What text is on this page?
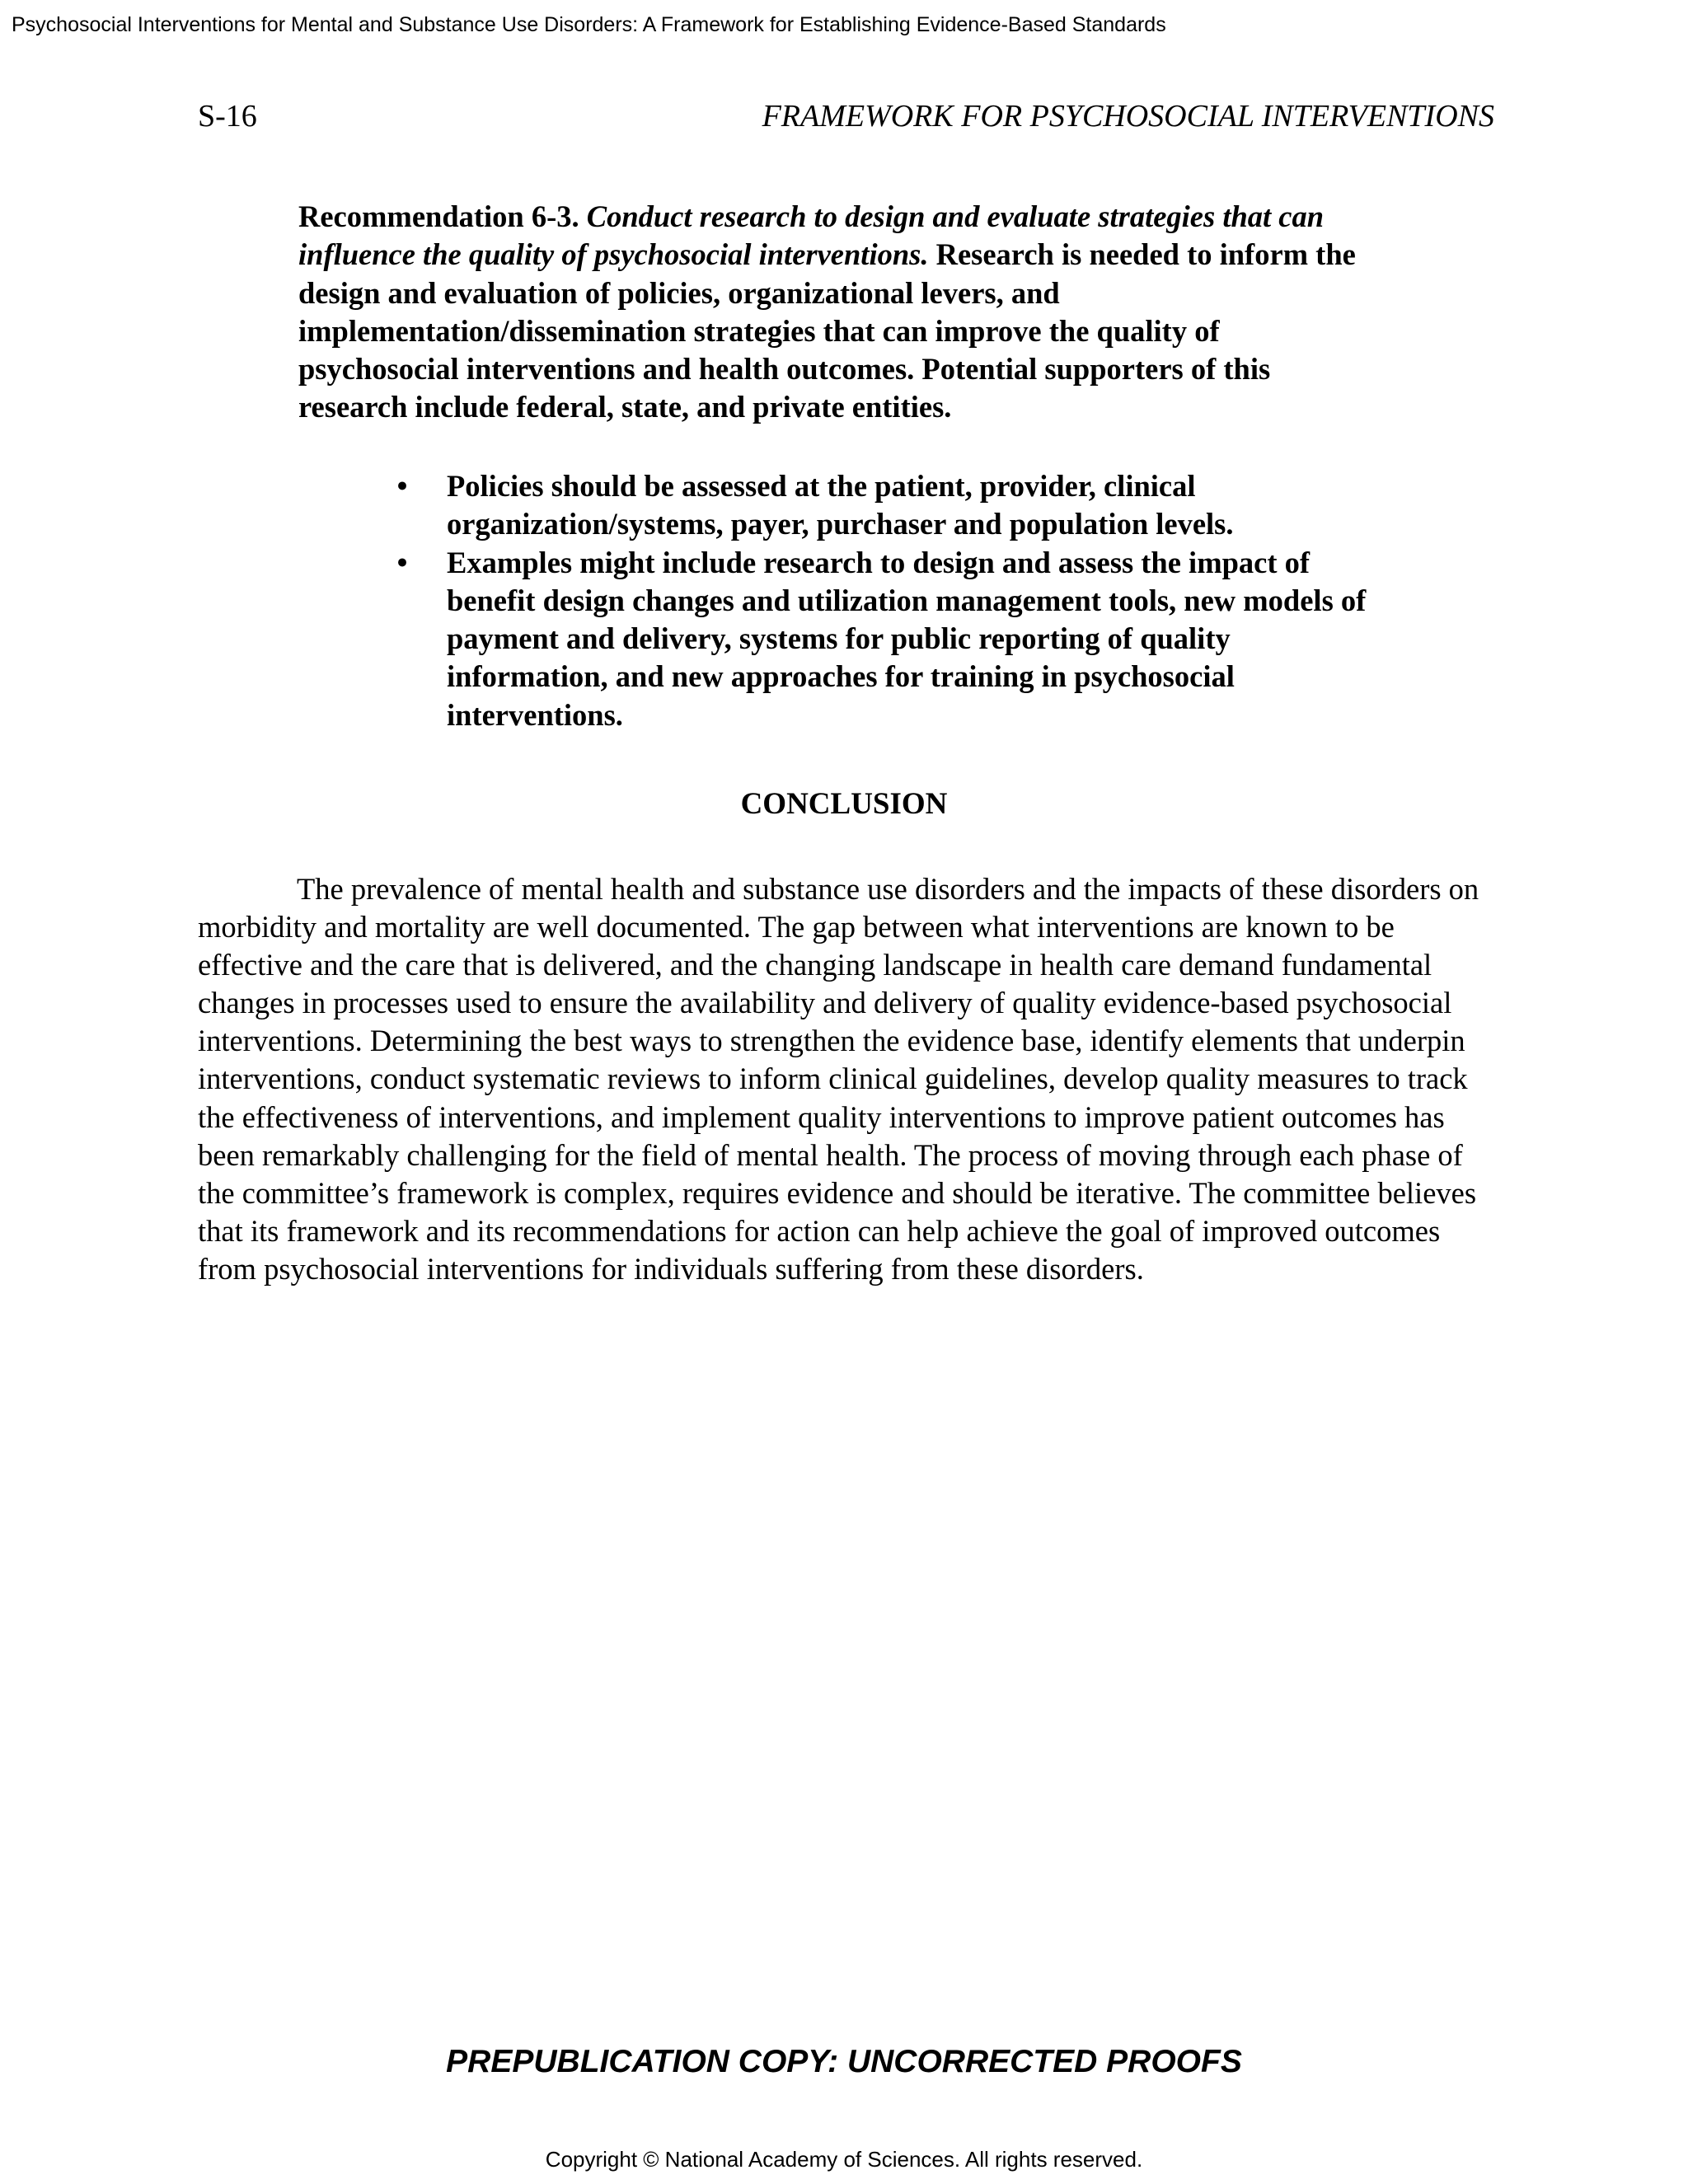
Psychosocial Interventions for Mental and Substance Use Disorders: A Framework for Establishing Evidence-Based Standards
S-16	FRAMEWORK FOR PSYCHOSOCIAL INTERVENTIONS

Recommendation 6-3. Conduct research to design and evaluate strategies that can influence the quality of psychosocial interventions. Research is needed to inform the design and evaluation of policies, organizational levers, and implementation/dissemination strategies that can improve the quality of psychosocial interventions and health outcomes. Potential supporters of this research include federal, state, and private entities.

• Policies should be assessed at the patient, provider, clinical organization/systems, payer, purchaser and population levels.
• Examples might include research to design and assess the impact of benefit design changes and utilization management tools, new models of payment and delivery, systems for public reporting of quality information, and new approaches for training in psychosocial interventions.
CONCLUSION

The prevalence of mental health and substance use disorders and the impacts of these disorders on morbidity and mortality are well documented. The gap between what interventions are known to be effective and the care that is delivered, and the changing landscape in health care demand fundamental changes in processes used to ensure the availability and delivery of quality evidence-based psychosocial interventions. Determining the best ways to strengthen the evidence base, identify elements that underpin interventions, conduct systematic reviews to inform clinical guidelines, develop quality measures to track the effectiveness of interventions, and implement quality interventions to improve patient outcomes has been remarkably challenging for the field of mental health. The process of moving through each phase of the committee’s framework is complex, requires evidence and should be iterative. The committee believes that its framework and its recommendations for action can help achieve the goal of improved outcomes from psychosocial interventions for individuals suffering from these disorders.

PREPUBLICATION COPY: UNCORRECTED PROOFS
Copyright © National Academy of Sciences. All rights reserved.
